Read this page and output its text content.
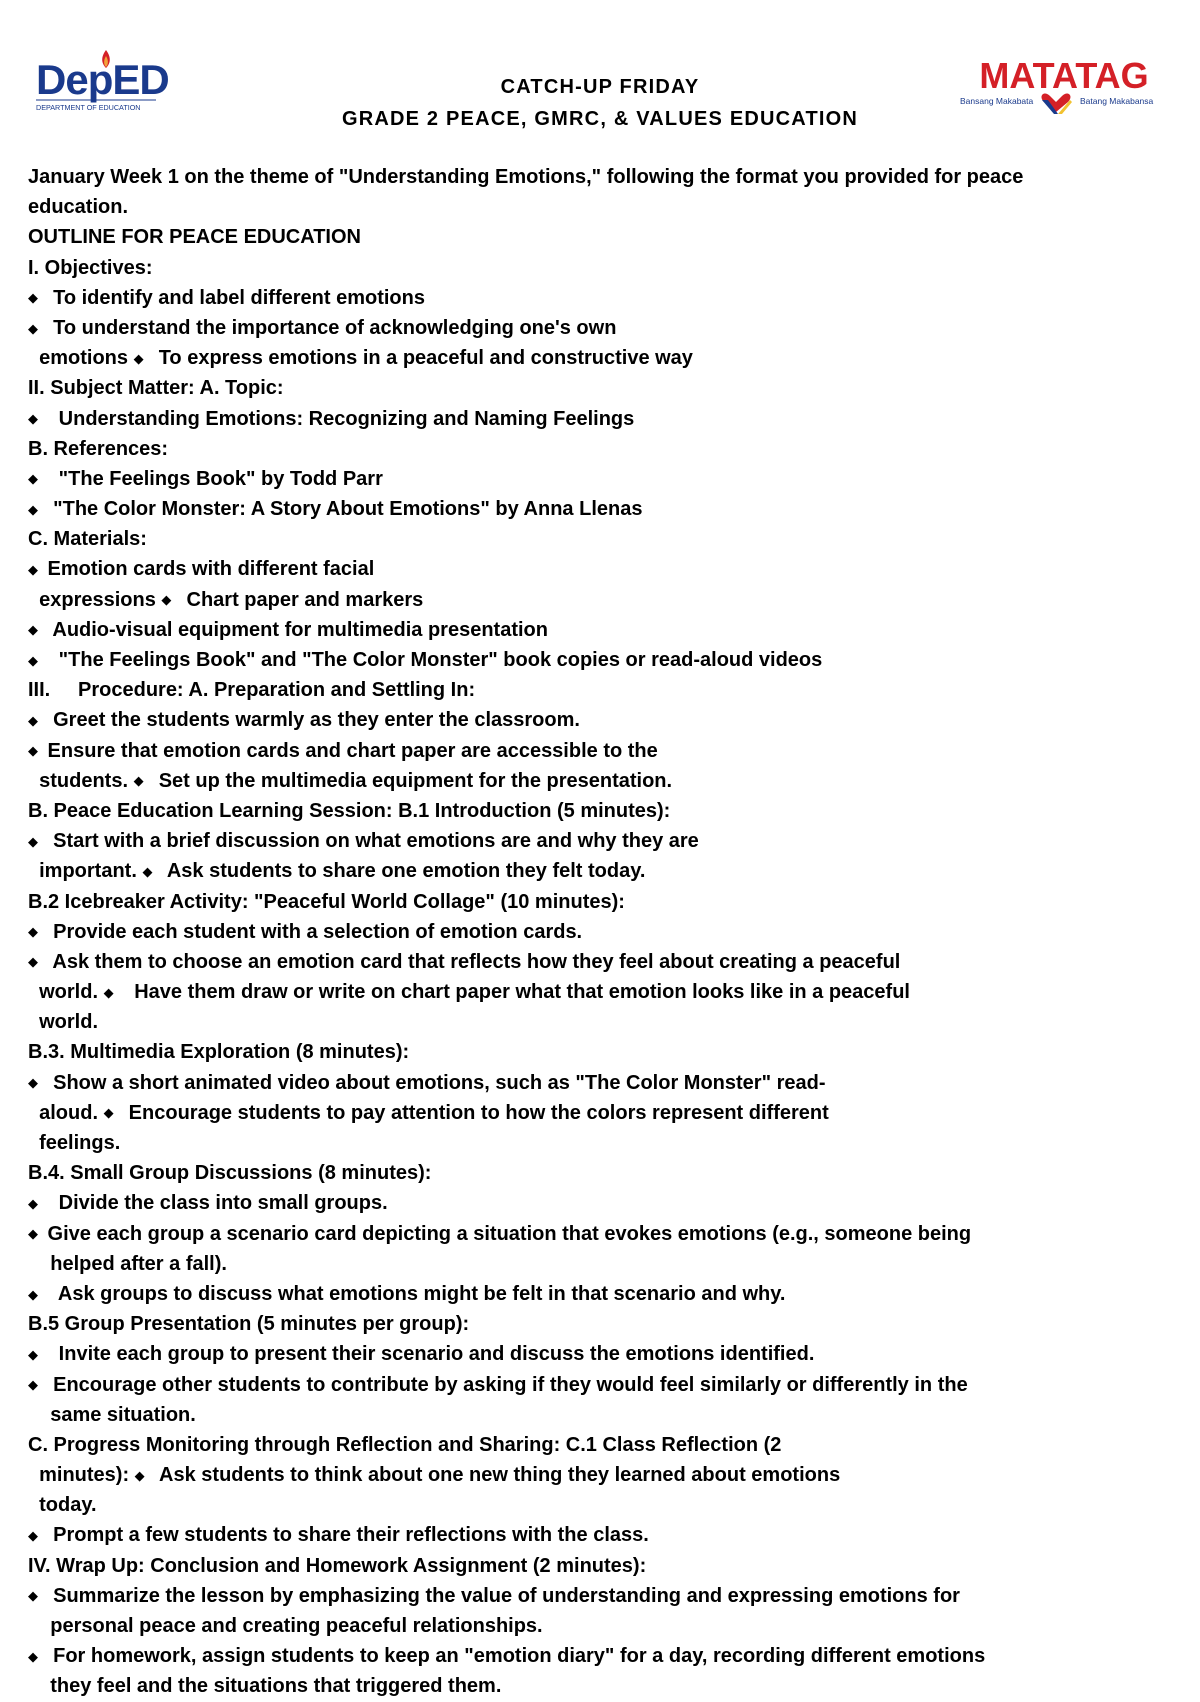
DepED
DEPARTMENT OF EDUCATION
CATCH-UP FRIDAY
GRADE 2 PEACE, GMRC, & VALUES EDUCATION
MATATAG
Bansang Makabata	Batang Makabansa
January Week 1 on the theme of "Understanding Emotions," following the format you provided for peace
education.
OUTLINE FOR PEACE EDUCATION
I. Objectives:
◆  To identify and label different emotions
◆  To understand the importance of acknowledging one's own
emotions ◆  To express emotions in a peaceful and constructive way
II. Subject Matter: A. Topic:
◆   Understanding Emotions: Recognizing and Naming Feelings
B. References:
◆   "The Feelings Book" by Todd Parr
◆  "The Color Monster: A Story About Emotions" by Anna Llenas
C. Materials:
◆ Emotion cards with different facial
expressions ◆  Chart paper and markers
◆  Audio-visual equipment for multimedia presentation
◆   "The Feelings Book" and "The Color Monster" book copies or read-aloud videos
III.     Procedure: A. Preparation and Settling In:
◆  Greet the students warmly as they enter the classroom.
◆ Ensure that emotion cards and chart paper are accessible to the
students. ◆  Set up the multimedia equipment for the presentation.
B. Peace Education Learning Session: B.1 Introduction (5 minutes):
◆  Start with a brief discussion on what emotions are and why they are
important. ◆  Ask students to share one emotion they felt today.
B.2 Icebreaker Activity: "Peaceful World Collage" (10 minutes):
◆  Provide each student with a selection of emotion cards.
◆  Ask them to choose an emotion card that reflects how they feel about creating a peaceful
world. ◆   Have them draw or write on chart paper what that emotion looks like in a peaceful
world.
B.3. Multimedia Exploration (8 minutes):
◆  Show a short animated video about emotions, such as "The Color Monster" read-
aloud. ◆  Encourage students to pay attention to how the colors represent different
feelings.
B.4. Small Group Discussions (8 minutes):
◆   Divide the class into small groups.
◆ Give each group a scenario card depicting a situation that evokes emotions (e.g., someone being
helped after a fall).
◆   Ask groups to discuss what emotions might be felt in that scenario and why.
B.5 Group Presentation (5 minutes per group):
◆   Invite each group to present their scenario and discuss the emotions identified.
◆  Encourage other students to contribute by asking if they would feel similarly or differently in the
same situation.
C. Progress Monitoring through Reflection and Sharing: C.1 Class Reflection (2
minutes): ◆  Ask students to think about one new thing they learned about emotions
today.
◆  Prompt a few students to share their reflections with the class.
IV. Wrap Up: Conclusion and Homework Assignment (2 minutes):
◆  Summarize the lesson by emphasizing the value of understanding and expressing emotions for
personal peace and creating peaceful relationships.
◆  For homework, assign students to keep an "emotion diary" for a day, recording different emotions
they feel and the situations that triggered them.
